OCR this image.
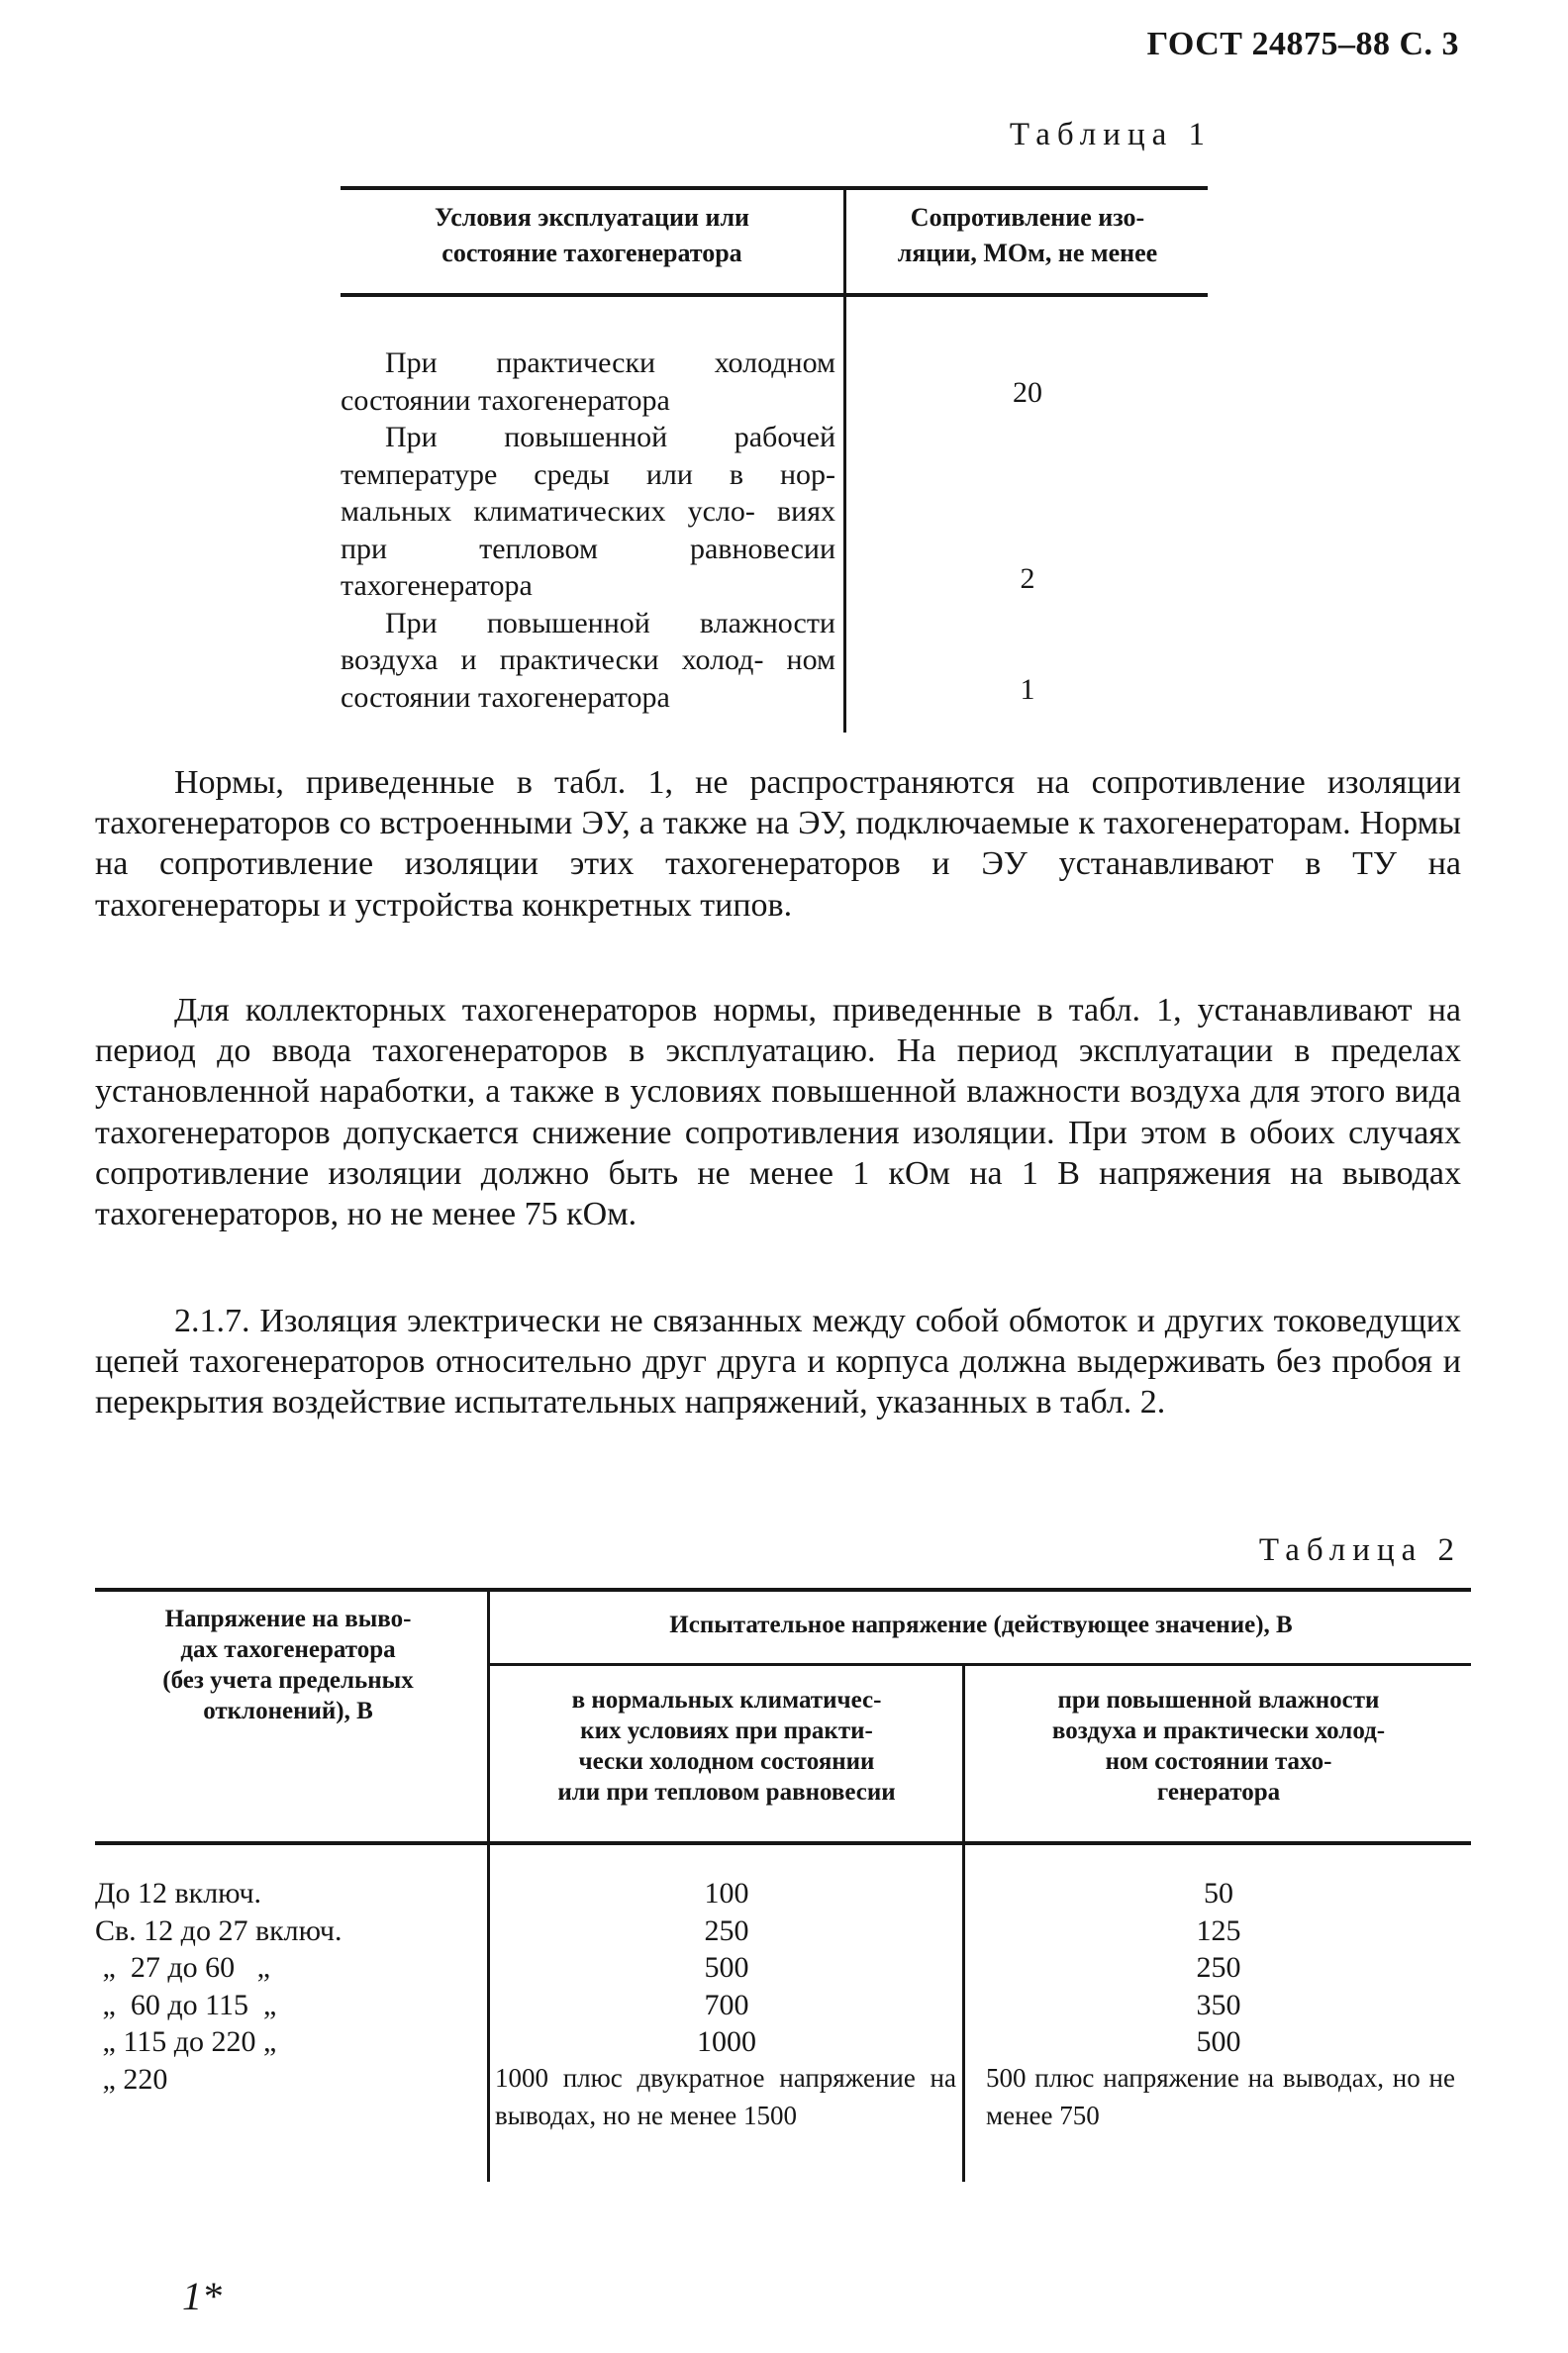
ГОСТ 24875–88 С. 3
Таблица 1
Условия эксплуатации или
состояние тахогенератора
Сопротивление изо-
ляции, МОм, не менее

При практически холодном состоянии тахогенератора

При повышенной рабочей температуре среды или в нор- мальных климатических усло- виях при тепловом равновесии тахогенератора

При повышенной влажности воздуха и практически холод- ном состоянии тахогенератора

20
2
1

Нормы, приведенные в табл. 1, не распространяются на сопротивление изоляции тахогенераторов со встроенными ЭУ, а также на ЭУ, подключаемые к тахогенераторам. Нормы на сопротивление изоляции этих тахогенераторов и ЭУ устанавливают в ТУ на тахогенераторы и устройства конкретных типов.

Для коллекторных тахогенераторов нормы, приведенные в табл. 1, устанавливают на период до ввода тахогенераторов в эксплуатацию. На период эксплуатации в пределах установленной наработки, а также в условиях повышенной влажности воздуха для этого вида тахогенераторов допускается снижение сопротивления изоляции. При этом в обоих случаях сопротивление изоляции должно быть не менее 1 кОм на 1 В напряжения на выводах тахогенераторов, но не менее 75 кОм.

2.1.7. Изоляция электрически не связанных между собой обмоток и других токоведущих цепей тахогенераторов относительно друг друга и корпуса должна выдерживать без пробоя и перекрытия воздействие испытательных напряжений, указанных в табл. 2.

Таблица 2
Напряжение на выво-
дах тахогенератора
(без учета предельных
отклонений), В
Испытательное напряжение (действующее значение), В
в нормальных климатичес-
ких условиях при практи-
чески холодном состоянии
или при тепловом равновесии
при повышенной влажности
воздуха и практически холод-
ном состоянии тахо-
генератора
До 12 включ.
Св. 12 до 27 включ.
„  27 до 60   „
„  60 до 115  „
„ 115 до 220 „
„ 220
100
250
500
700
1000
1000 плюс двукратное напряжение на выводах, но не менее 1500
50
125
250
350
500
500 плюс напряжение на выводах, но не менее 750
1*
